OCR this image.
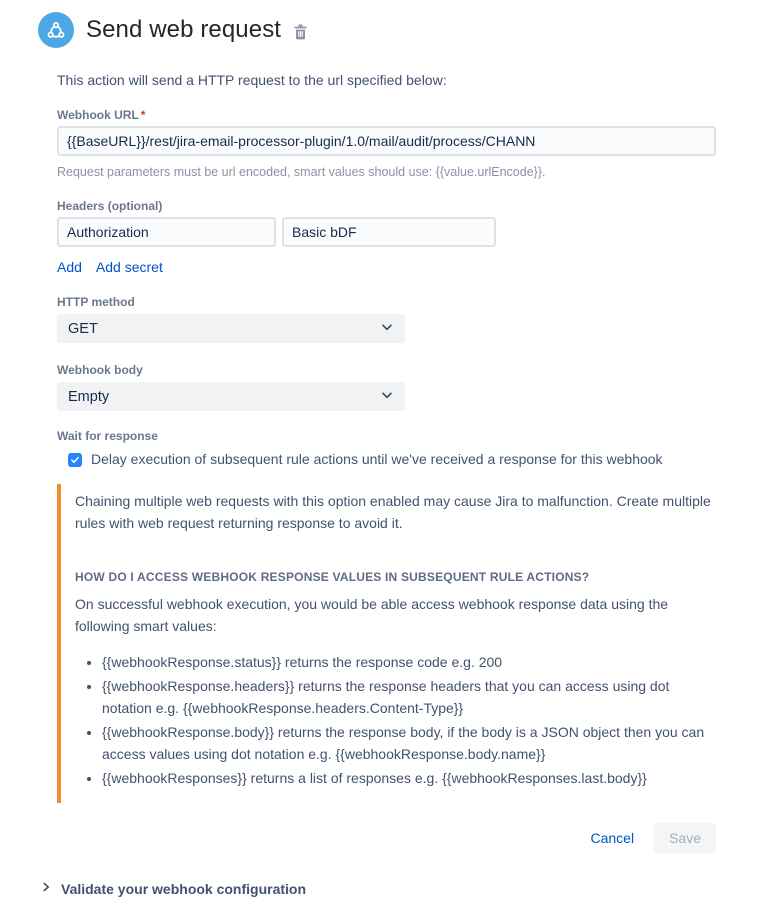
Send web request

This action will send a HTTP request to the url specified below:

Webhook URL *
{{BaseURL}}/rest/jira-email-processor-plugin/1.0/mail/audit/process/CHANN
Request parameters must be url encoded, smart values should use: {{value.urlEncode}}.
Headers (optional)
Authorization
Basic bDF
Add Add secret
HTTP method
GET
Webhook body
Empty
Wait for response
Delay execution of subsequent rule actions until we've received a response for this webhook

Chaining multiple web requests with this option enabled may cause Jira to malfunction. Create multiple rules with web request returning response to avoid it.

HOW DO I ACCESS WEBHOOK RESPONSE VALUES IN SUBSEQUENT RULE ACTIONS?

On successful webhook execution, you would be able access webhook response data using the following smart values:

• {{webhookResponse.status}} returns the response code e.g. 200
• {{webhookResponse.headers}} returns the response headers that you can access using dot notation e.g. {{webhookResponse.headers.Content-Type}}
• {{webhookResponse.body}} returns the response body, if the body is a JSON object then you can access values using dot notation e.g. {{webhookResponse.body.name}}
• {{webhookResponses}} returns a list of responses e.g. {{webhookResponses.last.body}}
Cancel	Save
Validate your webhook configuration
